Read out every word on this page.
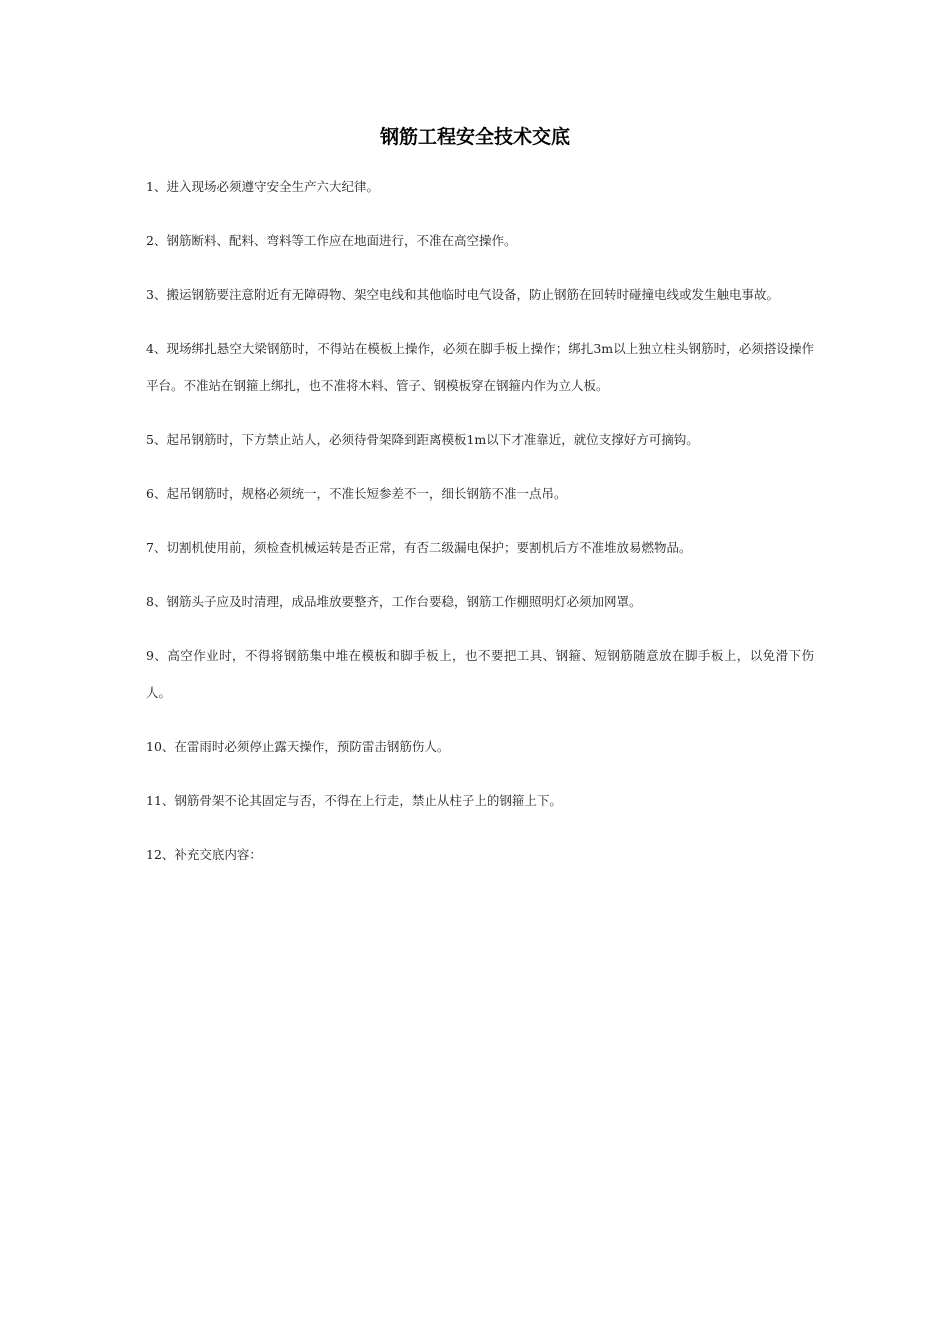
钢筋工程安全技术交底
1、进入现场必须遵守安全生产六大纪律。
2、钢筋断料、配料、弯料等工作应在地面进行，不准在高空操作。
3、搬运钢筋要注意附近有无障碍物、架空电线和其他临时电气设备，防止钢筋在回转时碰撞电线或发生触电事故。
4、现场绑扎悬空大梁钢筋时，不得站在模板上操作，必须在脚手板上操作；绑扎3m以上独立柱头钢筋时，必须搭设操作平台。不准站在钢箍上绑扎，也不准将木料、管子、钢模板穿在钢箍内作为立人板。
5、起吊钢筋时，下方禁止站人，必须待骨架降到距离模板1m以下才准靠近，就位支撑好方可摘钩。
6、起吊钢筋时，规格必须统一，不准长短参差不一，细长钢筋不准一点吊。
7、切割机使用前，须检查机械运转是否正常，有否二级漏电保护；要割机后方不准堆放易燃物品。
8、钢筋头子应及时清理，成品堆放要整齐，工作台要稳，钢筋工作棚照明灯必须加网罩。
9、高空作业时，不得将钢筋集中堆在模板和脚手板上，也不要把工具、钢箍、短钢筋随意放在脚手板上，以免滑下伤人。
10、在雷雨时必须停止露天操作，预防雷击钢筋伤人。
11、钢筋骨架不论其固定与否，不得在上行走，禁止从柱子上的钢箍上下。
12、补充交底内容：
